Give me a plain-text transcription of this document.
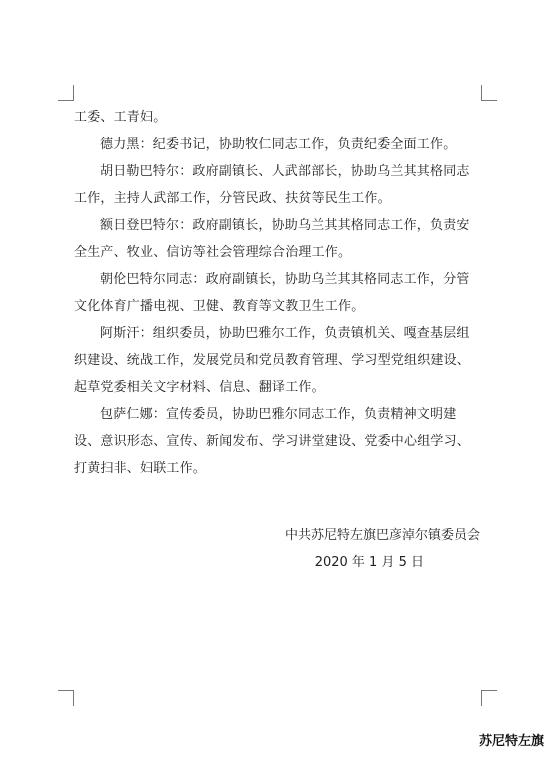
工委、工青妇。

德力黑：纪委书记，协助牧仁同志工作，负责纪委全面工作。

胡日勒巴特尔：政府副镇长、人武部部长，协助乌兰其其格同志工作，主持人武部工作，分管民政、扶贫等民生工作。

额日登巴特尔：政府副镇长，协助乌兰其其格同志工作，负责安全生产、牧业、信访等社会管理综合治理工作。

朝伦巴特尔同志：政府副镇长，协助乌兰其其格同志工作，分管文化体育广播电视、卫健、教育等文教卫生工作。

阿斯汗：组织委员，协助巴雅尔工作，负责镇机关、嘎查基层组织建设、统战工作，发展党员和党员教育管理、学习型党组织建设、起草党委相关文字材料、信息、翻译工作。

包萨仁娜：宣传委员，协助巴雅尔同志工作，负责精神文明建设、意识形态、宣传、新闻发布、学习讲堂建设、党委中心组学习、打黄扫非、妇联工作。

中共苏尼特左旗巴彦淖尔镇委员会
2020 年 1 月 5 日
苏尼特左旗
